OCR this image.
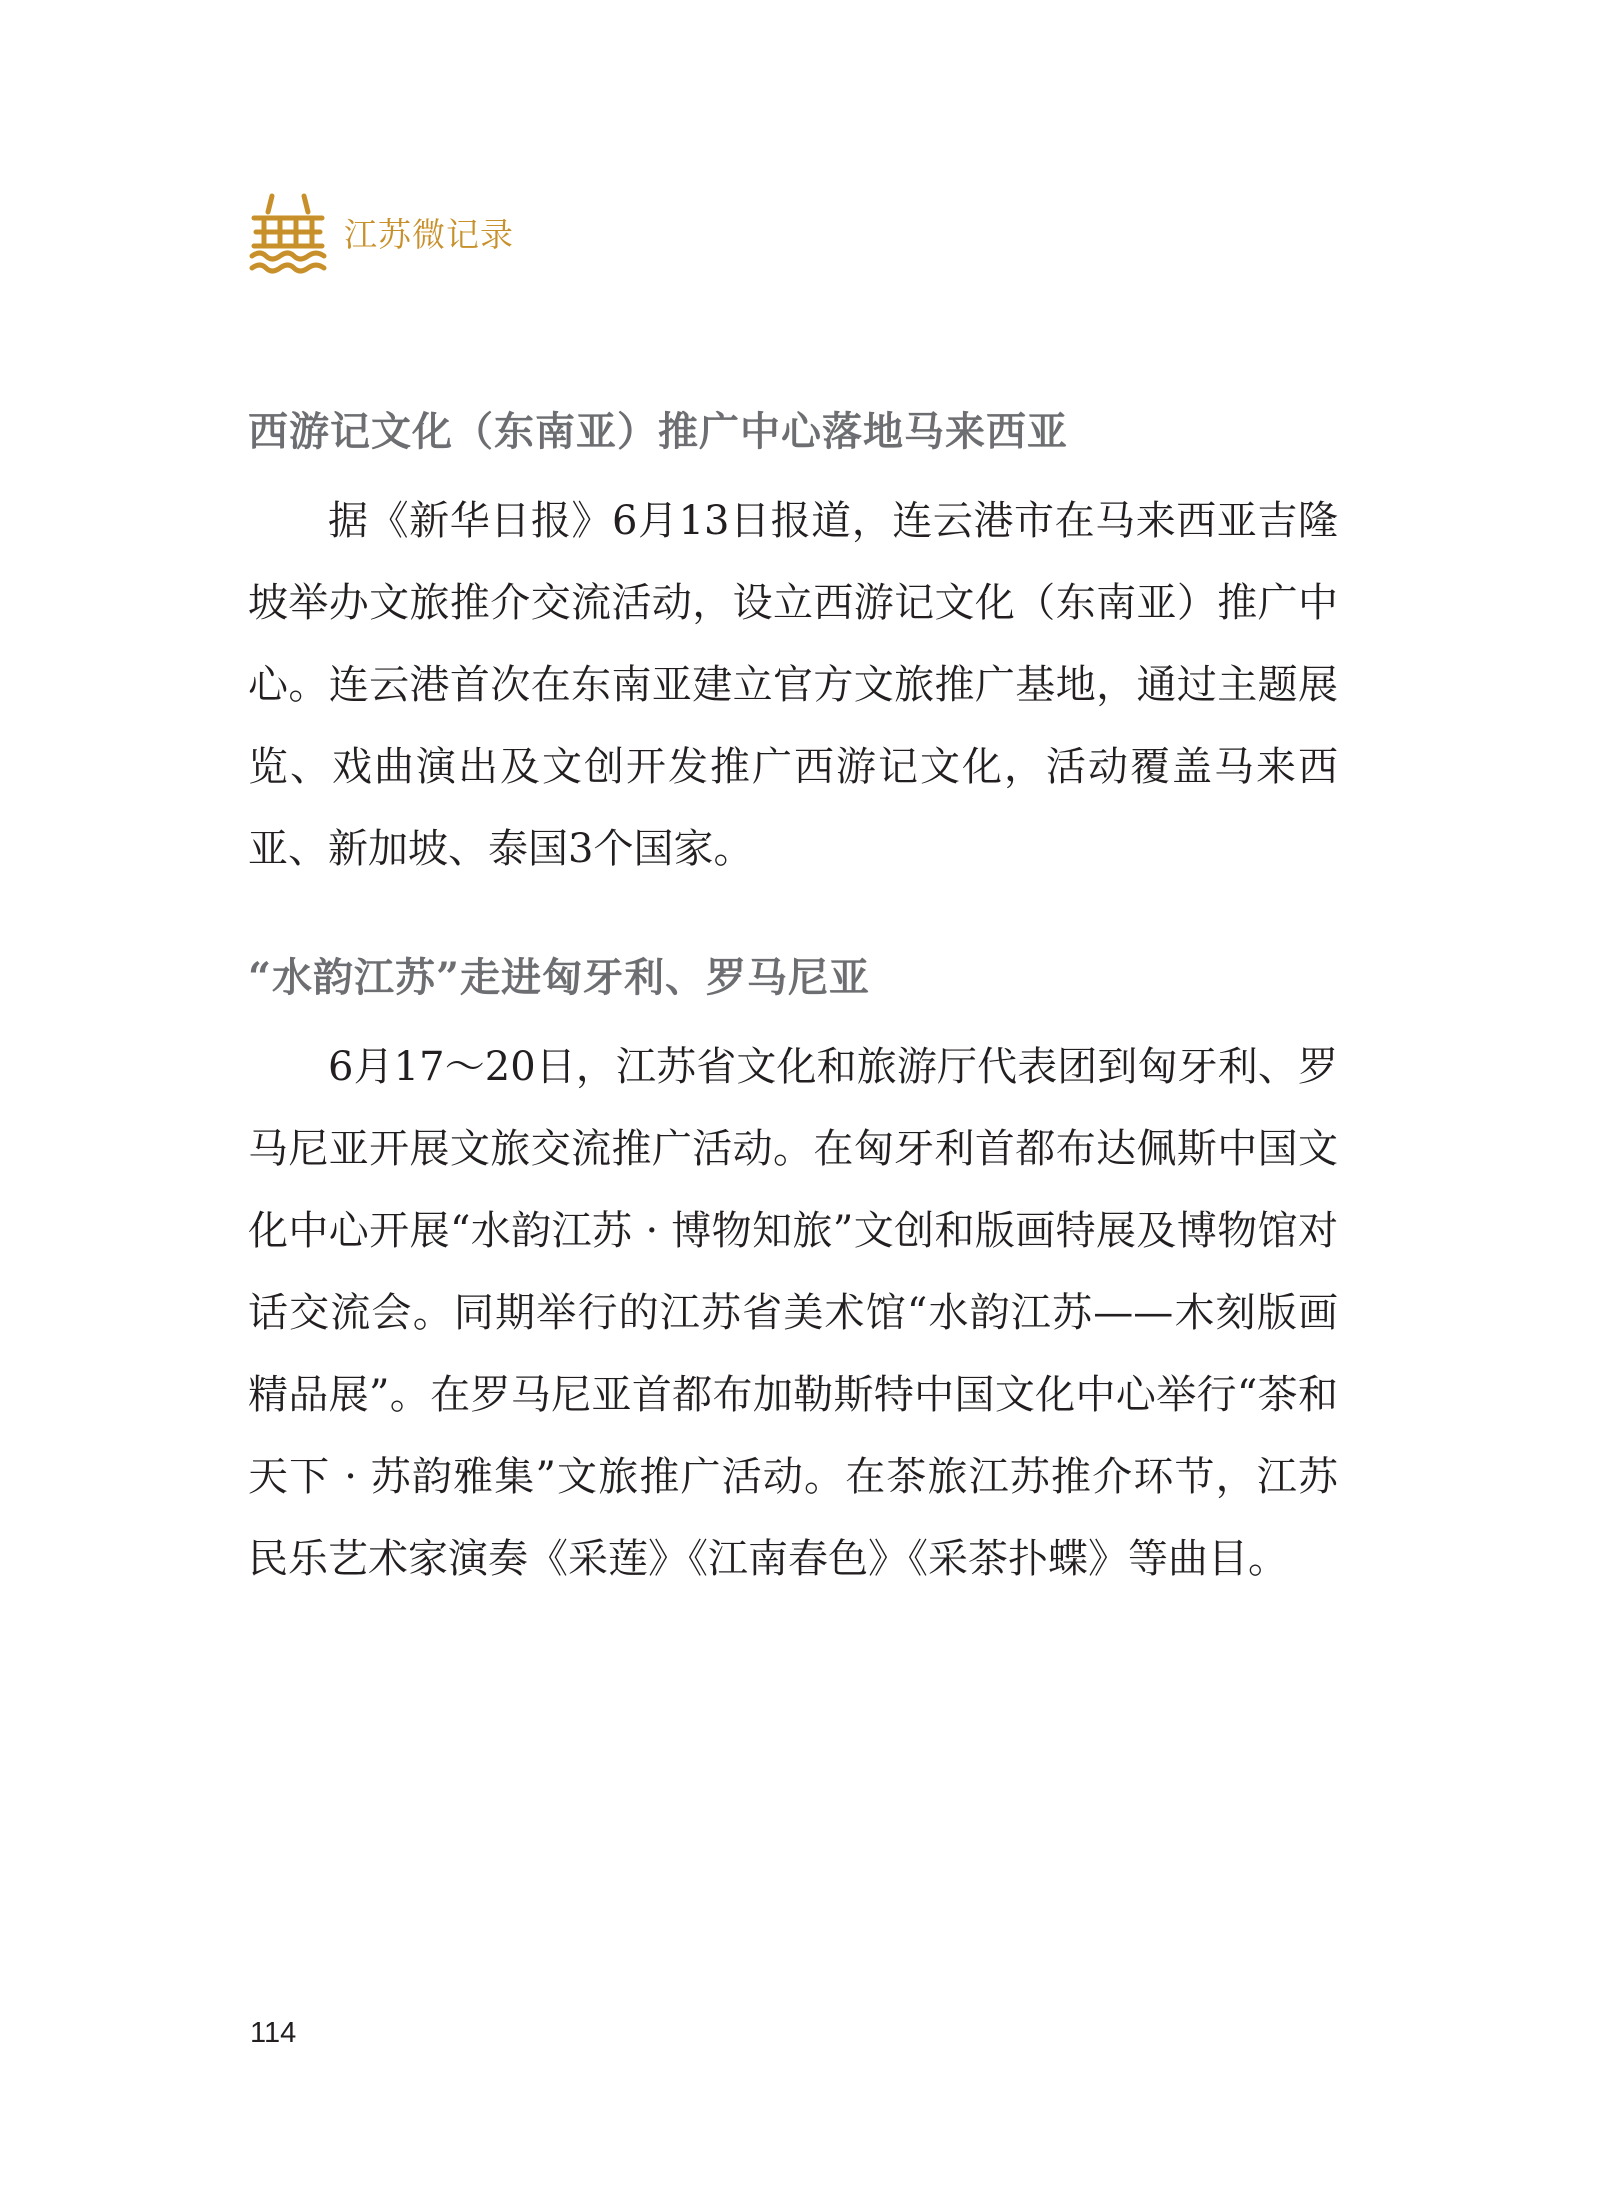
江苏微记录
西游记文化（东南亚）推广中心落地马来西亚

据《新华日报》6月13日报道，连云港市在马来西亚吉隆坡举办文旅推介交流活动，设立西游记文化（东南亚）推广中心。连云港首次在东南亚建立官方文旅推广基地，通过主题展览、戏曲演出及文创开发推广西游记文化，活动覆盖马来西亚、新加坡、泰国3个国家。

“水韵江苏”走进匈牙利、罗马尼亚

6月17～20日，江苏省文化和旅游厅代表团到匈牙利、罗马尼亚开展文旅交流推广活动。在匈牙利首都布达佩斯中国文化中心开展“水韵江苏 · 博物知旅”文创和版画特展及博物馆对话交流会。同期举行的江苏省美术馆“水韵江苏——木刻版画精品展”。在罗马尼亚首都布加勒斯特中国文化中心举行“茶和天下 · 苏韵雅集”文旅推广活动。在茶旅江苏推介环节，江苏民乐艺术家演奏《采莲》《江南春色》《采茶扑蝶》等曲目。

114
